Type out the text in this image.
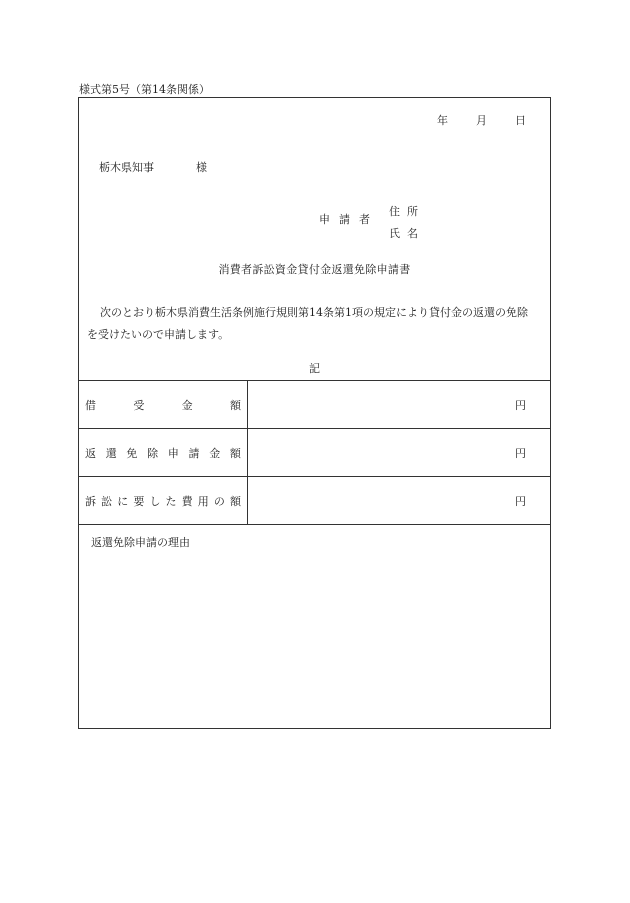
様式第5号（第14条関係）
年	月	日
栃木県知事	様
申請者
住所
氏名
消費者訴訟資金貸付金返還免除申請書
次のとおり栃木県消費生活条例施行規則第14条第1項の規定により貸付金の返還の免除を受けたいので申請します。
記
借	受	金	額	円
返 還 免 除 申 請 金 額	円
訴 訟 に 要 し た 費 用 の 額	円
返還免除申請の理由
